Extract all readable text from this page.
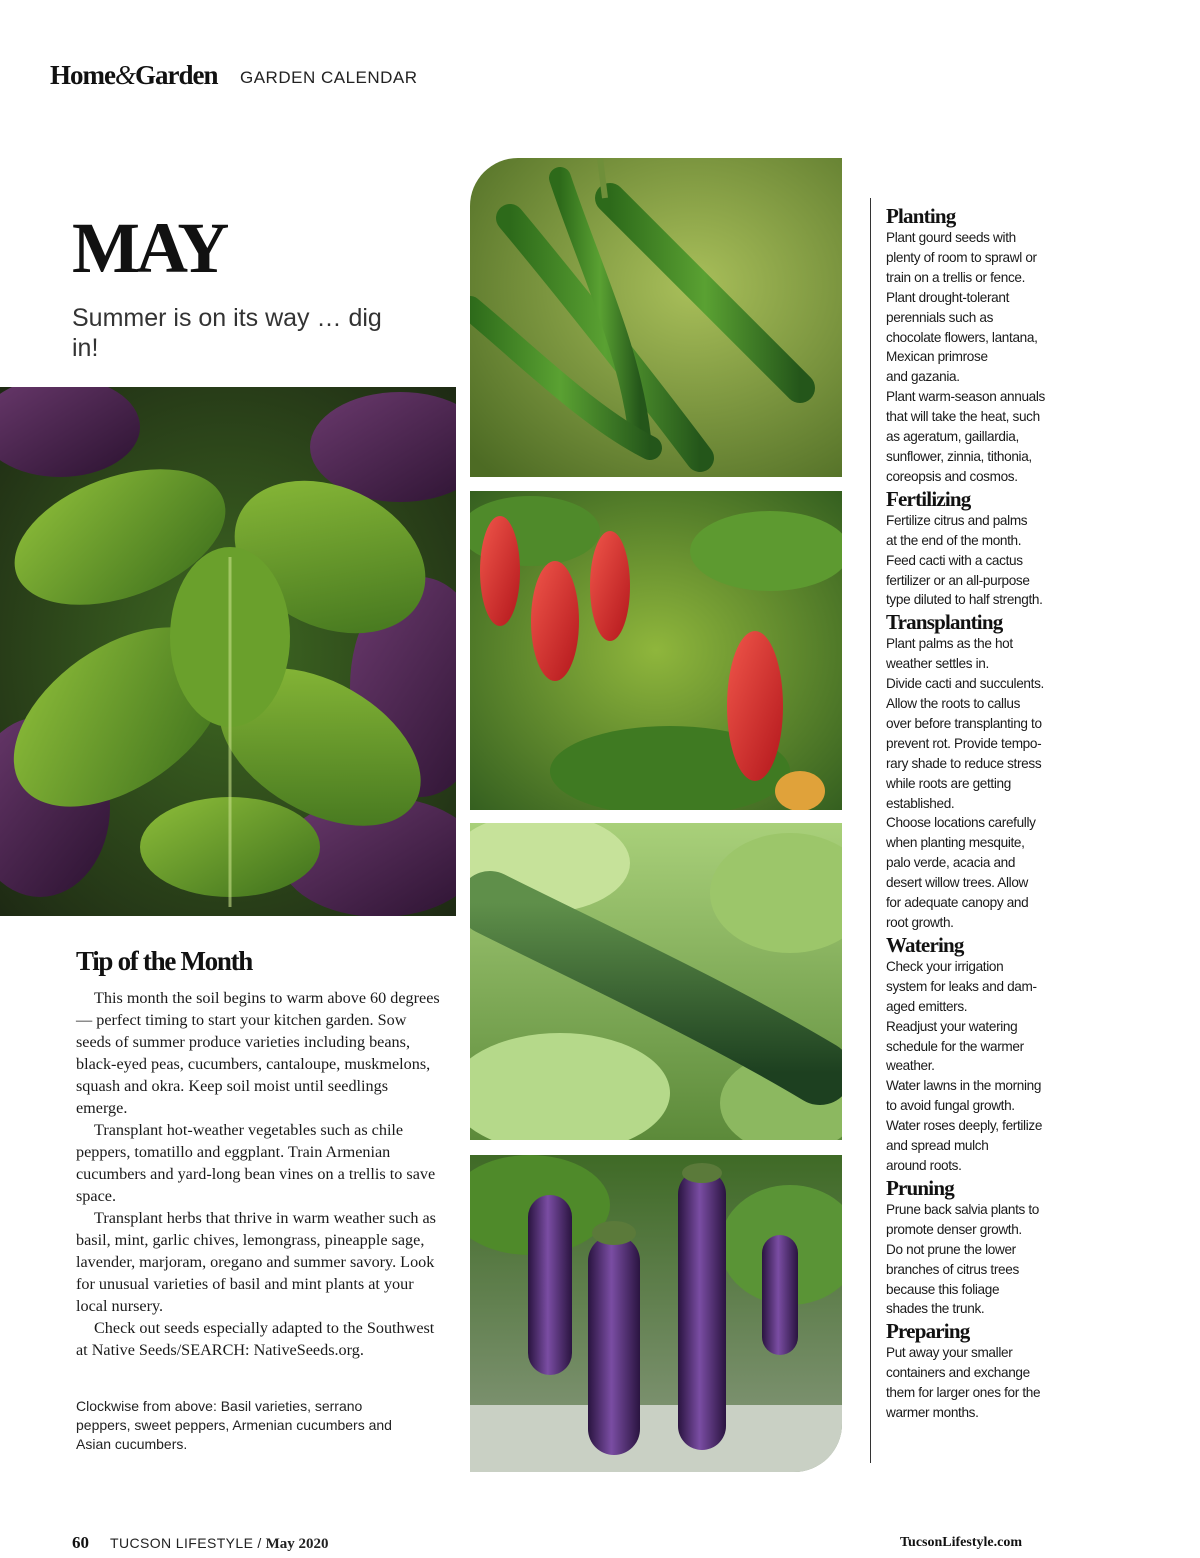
Home&Garden GARDEN CALENDAR
MAY
Summer is on its way … dig in!
Tip of the Month

This month the soil begins to warm above 60 degrees — perfect timing to start your kitchen garden. Sow seeds of summer produce varieties including beans, black-eyed peas, cucumbers, cantaloupe, muskmelons, squash and okra. Keep soil moist until seedlings emerge.

Transplant hot-weather vegetables such as chile peppers, tomatillo and eggplant. Train Armenian cucumbers and yard-long bean vines on a trellis to save space.

Transplant herbs that thrive in warm weather such as basil, mint, garlic chives, lemongrass, pineapple sage, lavender, marjoram, oregano and summer savory. Look for unusual varieties of basil and mint plants at your local nursery.

Check out seeds especially adapted to the Southwest at Native Seeds/SEARCH: NativeSeeds.org.

Clockwise from above: Basil varieties, serrano peppers, sweet peppers, Armenian cucumbers and Asian cucumbers.
Planting
Plant gourd seeds with
plenty of room to sprawl or
train on a trellis or fence.
Plant drought-tolerant
perennials such as
chocolate flowers, lantana,
Mexican primrose
and gazania.
Plant warm-season annuals
that will take the heat, such
as ageratum, gaillardia,
sunflower, zinnia, tithonia,
coreopsis and cosmos.
Fertilizing
Fertilize citrus and palms
at the end of the month.
Feed cacti with a cactus
fertilizer or an all-purpose
type diluted to half strength.
Transplanting
Plant palms as the hot
weather settles in.
Divide cacti and succulents.
Allow the roots to callus
over before transplanting to
prevent rot. Provide tempo-
rary shade to reduce stress
while roots are getting
established.
Choose locations carefully
when planting mesquite,
palo verde, acacia and
desert willow trees. Allow
for adequate canopy and
root growth.
Watering
Check your irrigation
system for leaks and dam-
aged emitters.
Readjust your watering
schedule for the warmer
weather.
Water lawns in the morning
to avoid fungal growth.
Water roses deeply, fertilize
and spread mulch
around roots.
Pruning
Prune back salvia plants to
promote denser growth.
Do not prune the lower
branches of citrus trees
because this foliage
shades the trunk.
Preparing
Put away your smaller
containers and exchange
them for larger ones for the
warmer months.
60 TUCSON LIFESTYLE / May 2020	TucsonLifestyle.com
